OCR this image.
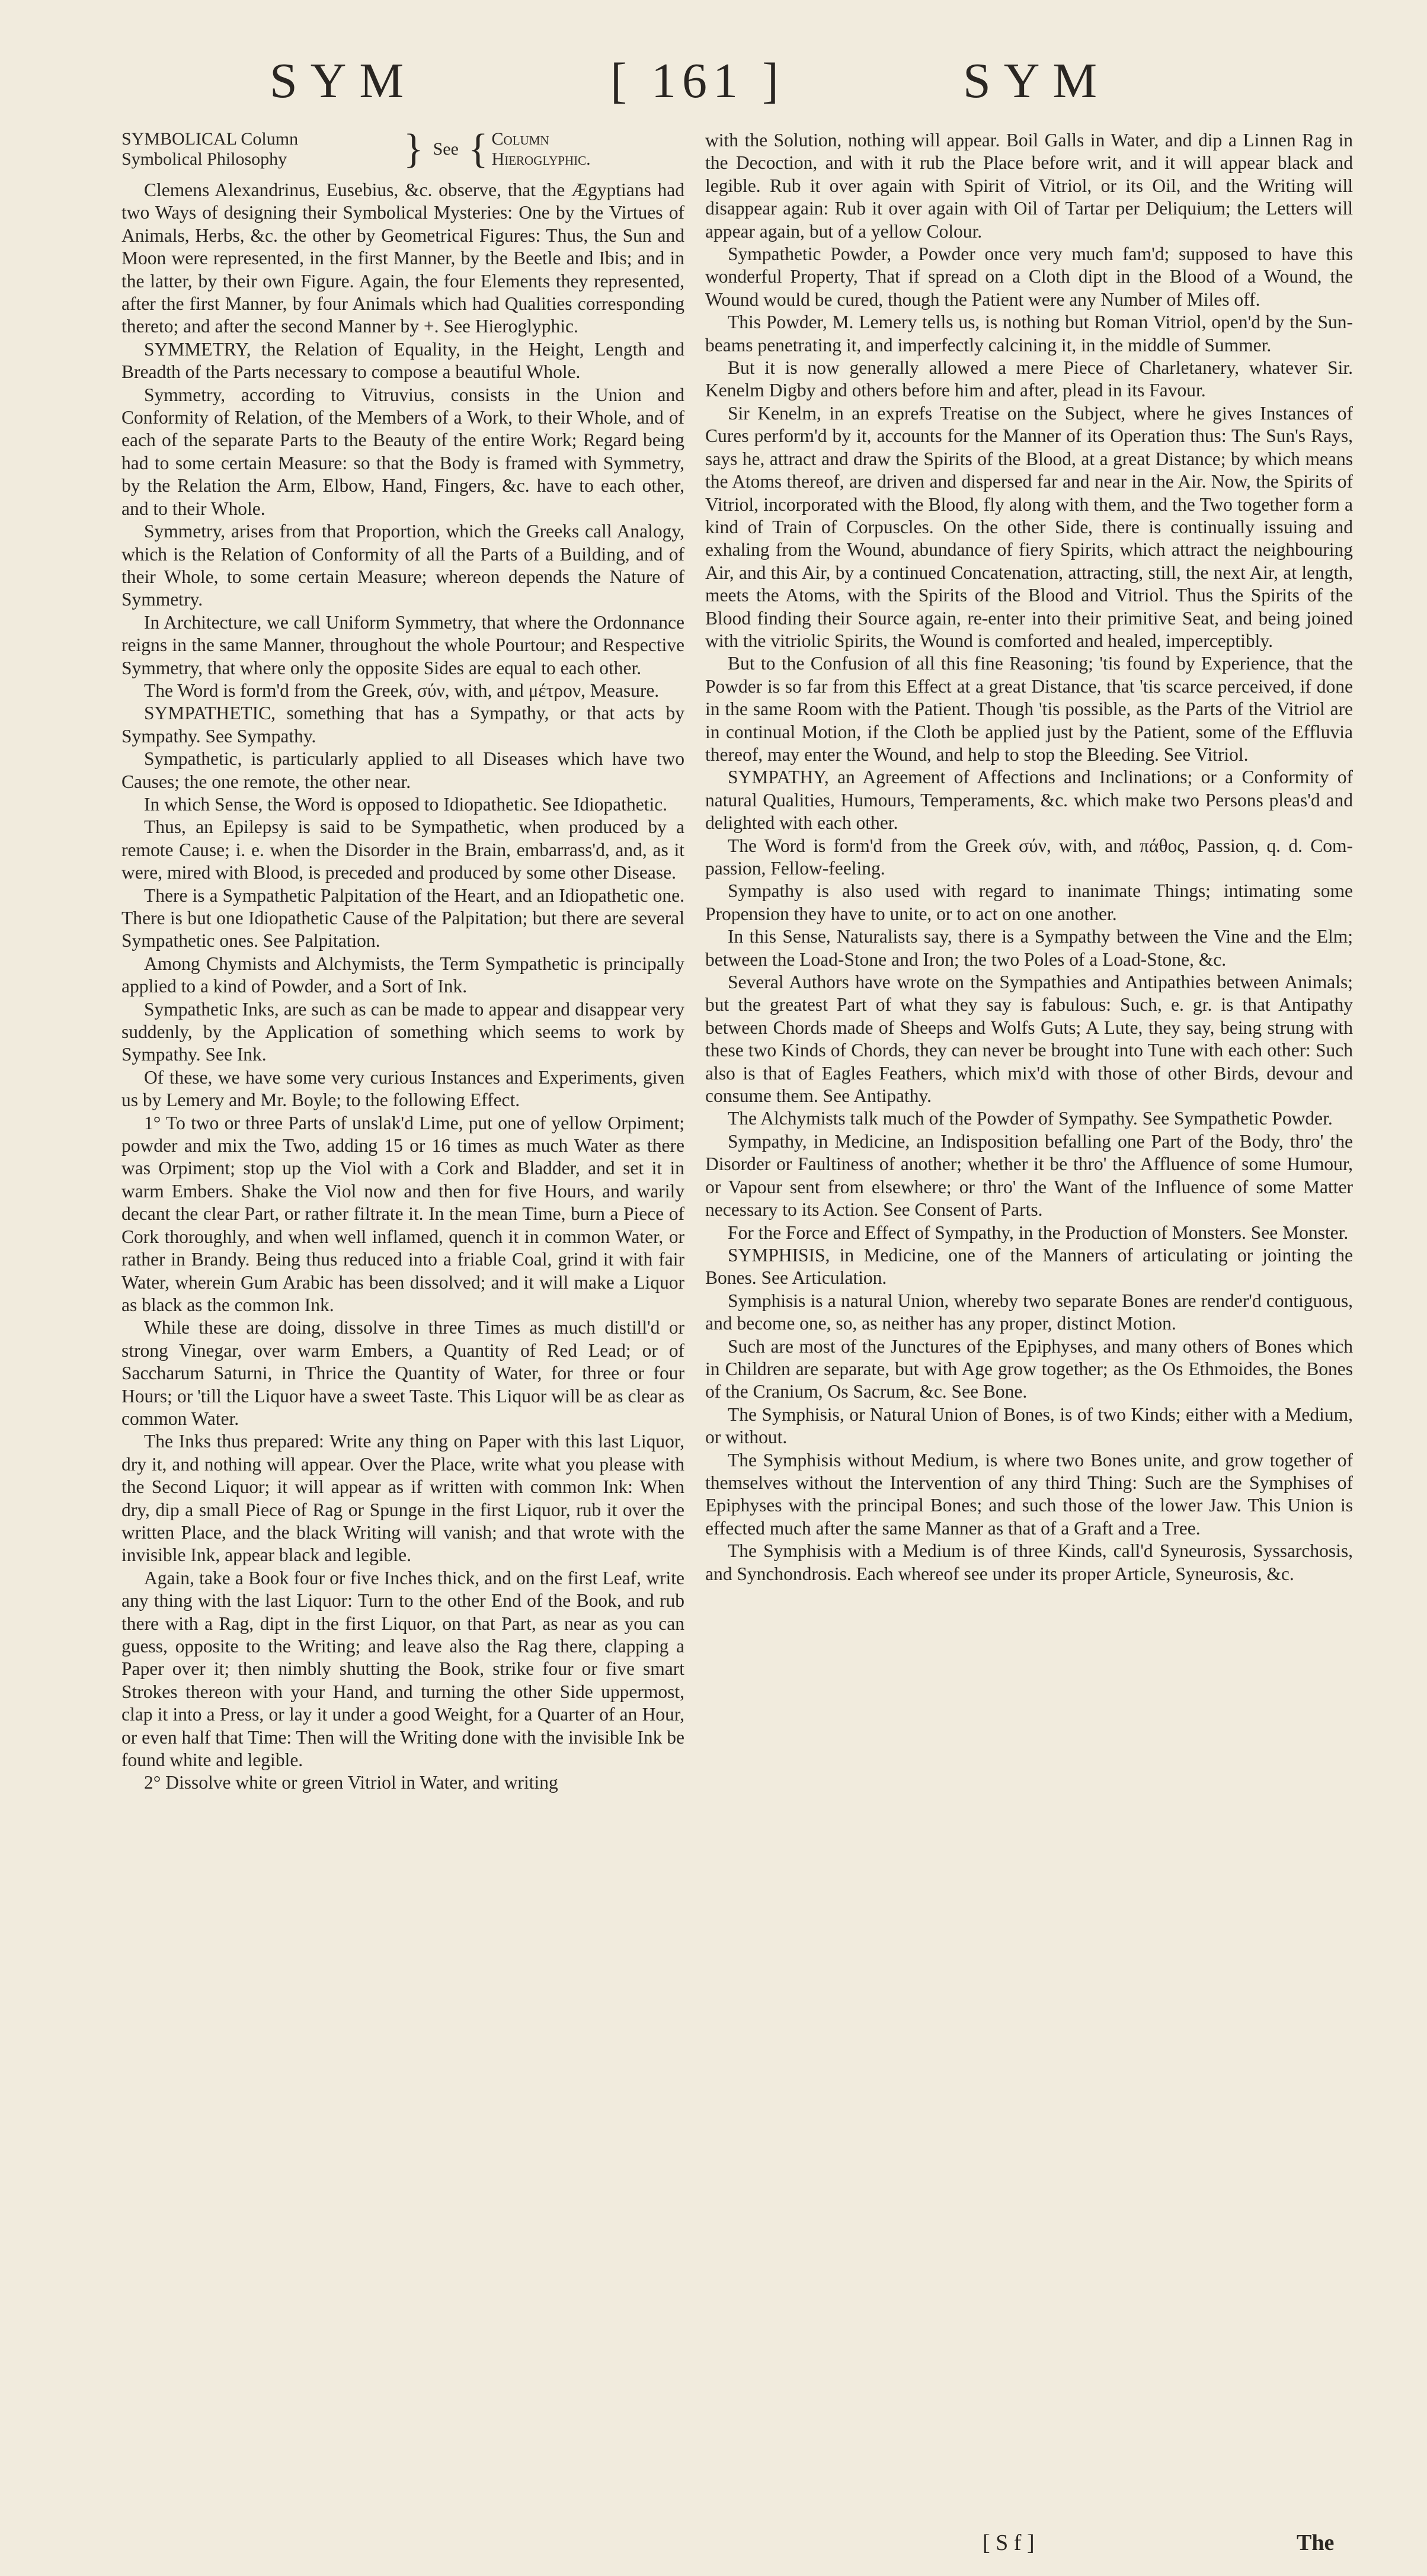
SYM	[ 161 ]	SYM
SYMBOLICAL Column
Symbolical Philosophy	} See { Column
Hieroglyphic.

Clemens Alexandrinus, Eusebius, &c. observe, that the Ægyptians had two Ways of designing their Symbolical Mysteries: One by the Virtues of Animals, Herbs, &c. the other by Geometrical Figures: Thus, the Sun and Moon were represented, in the first Manner, by the Beetle and Ibis; and in the latter, by their own Figure. Again, the four Elements they represented, after the first Manner, by four Animals which had Qualities corresponding thereto; and after the second Manner by +. See Hieroglyphic.

SYMMETRY, the Relation of Equality, in the Height, Length and Breadth of the Parts necessary to compose a beautiful Whole.

Symmetry, according to Vitruvius, consists in the Union and Conformity of Relation, of the Members of a Work, to their Whole, and of each of the separate Parts to the Beauty of the entire Work; Regard being had to some certain Measure: so that the Body is framed with Symmetry, by the Relation the Arm, Elbow, Hand, Fingers, &c. have to each other, and to their Whole.

Symmetry, arises from that Proportion, which the Greeks call Analogy, which is the Relation of Conformity of all the Parts of a Building, and of their Whole, to some certain Measure; whereon depends the Nature of Symmetry.

In Architecture, we call Uniform Symmetry, that where the Ordonnance reigns in the same Manner, throughout the whole Pourtour; and Respective Symmetry, that where only the opposite Sides are equal to each other.

The Word is form'd from the Greek, σύν, with, and μέτρον, Measure.

SYMPATHETIC, something that has a Sympathy, or that acts by Sympathy. See Sympathy.

Sympathetic, is particularly applied to all Diseases which have two Causes; the one remote, the other near.

In which Sense, the Word is opposed to Idiopathetic. See Idiopathetic.

Thus, an Epilepsy is said to be Sympathetic, when produced by a remote Cause; i. e. when the Disorder in the Brain, embarrass'd, and, as it were, mired with Blood, is preceded and produced by some other Disease.

There is a Sympathetic Palpitation of the Heart, and an Idiopathetic one. There is but one Idiopathetic Cause of the Palpitation; but there are several Sympathetic ones. See Palpitation.

Among Chymists and Alchymists, the Term Sympathetic is principally applied to a kind of Powder, and a Sort of Ink.

Sympathetic Inks, are such as can be made to appear and disappear very suddenly, by the Application of something which seems to work by Sympathy. See Ink.

Of these, we have some very curious Instances and Experiments, given us by Lemery and Mr. Boyle; to the following Effect.

1° To two or three Parts of unslak'd Lime, put one of yellow Orpiment; powder and mix the Two, adding 15 or 16 times as much Water as there was Orpiment; stop up the Viol with a Cork and Bladder, and set it in warm Embers. Shake the Viol now and then for five Hours, and warily decant the clear Part, or rather filtrate it. In the mean Time, burn a Piece of Cork thoroughly, and when well inflamed, quench it in common Water, or rather in Brandy. Being thus reduced into a friable Coal, grind it with fair Water, wherein Gum Arabic has been dissolved; and it will make a Liquor as black as the common Ink.

While these are doing, dissolve in three Times as much distill'd or strong Vinegar, over warm Embers, a Quantity of Red Lead; or of Saccharum Saturni, in Thrice the Quantity of Water, for three or four Hours; or 'till the Liquor have a sweet Taste. This Liquor will be as clear as common Water.

The Inks thus prepared: Write any thing on Paper with this last Liquor, dry it, and nothing will appear. Over the Place, write what you please with the Second Liquor; it will appear as if written with common Ink: When dry, dip a small Piece of Rag or Spunge in the first Liquor, rub it over the written Place, and the black Writing will vanish; and that wrote with the invisible Ink, appear black and legible.

Again, take a Book four or five Inches thick, and on the first Leaf, write any thing with the last Liquor: Turn to the other End of the Book, and rub there with a Rag, dipt in the first Liquor, on that Part, as near as you can guess, opposite to the Writing; and leave also the Rag there, clapping a Paper over it; then nimbly shutting the Book, strike four or five smart Strokes thereon with your Hand, and turning the other Side uppermost, clap it into a Press, or lay it under a good Weight, for a Quarter of an Hour, or even half that Time: Then will the Writing done with the invisible Ink be found white and legible.

2° Dissolve white or green Vitriol in Water, and writing

with the Solution, nothing will appear. Boil Galls in Water, and dip a Linnen Rag in the Decoction, and with it rub the Place before writ, and it will appear black and legible. Rub it over again with Spirit of Vitriol, or its Oil, and the Writing will disappear again: Rub it over again with Oil of Tartar per Deliquium; the Letters will appear again, but of a yellow Colour.

Sympathetic Powder, a Powder once very much fam'd; supposed to have this wonderful Property, That if spread on a Cloth dipt in the Blood of a Wound, the Wound would be cured, though the Patient were any Number of Miles off.

This Powder, M. Lemery tells us, is nothing but Roman Vitriol, open'd by the Sun-beams penetrating it, and imperfectly calcining it, in the middle of Summer.

But it is now generally allowed a mere Piece of Charletanery, whatever Sir. Kenelm Digby and others before him and after, plead in its Favour.

Sir Kenelm, in an exprefs Treatise on the Subject, where he gives Instances of Cures perform'd by it, accounts for the Manner of its Operation thus: The Sun's Rays, says he, attract and draw the Spirits of the Blood, at a great Distance; by which means the Atoms thereof, are driven and dispersed far and near in the Air. Now, the Spirits of Vitriol, incorporated with the Blood, fly along with them, and the Two together form a kind of Train of Corpuscles. On the other Side, there is continually issuing and exhaling from the Wound, abundance of fiery Spirits, which attract the neighbouring Air, and this Air, by a continued Concatenation, attracting, still, the next Air, at length, meets the Atoms, with the Spirits of the Blood and Vitriol. Thus the Spirits of the Blood finding their Source again, re-enter into their primitive Seat, and being joined with the vitriolic Spirits, the Wound is comforted and healed, imperceptibly.

But to the Confusion of all this fine Reasoning; 'tis found by Experience, that the Powder is so far from this Effect at a great Distance, that 'tis scarce perceived, if done in the same Room with the Patient. Though 'tis possible, as the Parts of the Vitriol are in continual Motion, if the Cloth be applied just by the Patient, some of the Effluvia thereof, may enter the Wound, and help to stop the Bleeding. See Vitriol.

SYMPATHY, an Agreement of Affections and Inclinations; or a Conformity of natural Qualities, Humours, Temperaments, &c. which make two Persons pleas'd and delighted with each other.

The Word is form'd from the Greek σύν, with, and πάθος, Passion, q. d. Com-passion, Fellow-feeling.

Sympathy is also used with regard to inanimate Things; intimating some Propension they have to unite, or to act on one another.

In this Sense, Naturalists say, there is a Sympathy between the Vine and the Elm; between the Load-Stone and Iron; the two Poles of a Load-Stone, &c.

Several Authors have wrote on the Sympathies and Antipathies between Animals; but the greatest Part of what they say is fabulous: Such, e. gr. is that Antipathy between Chords made of Sheeps and Wolfs Guts; A Lute, they say, being strung with these two Kinds of Chords, they can never be brought into Tune with each other: Such also is that of Eagles Feathers, which mix'd with those of other Birds, devour and consume them. See Antipathy.

The Alchymists talk much of the Powder of Sympathy. See Sympathetic Powder.

Sympathy, in Medicine, an Indisposition befalling one Part of the Body, thro' the Disorder or Faultiness of another; whether it be thro' the Affluence of some Humour, or Vapour sent from elsewhere; or thro' the Want of the Influence of some Matter necessary to its Action. See Consent of Parts.

For the Force and Effect of Sympathy, in the Production of Monsters. See Monster.

SYMPHISIS, in Medicine, one of the Manners of articulating or jointing the Bones. See Articulation.

Symphisis is a natural Union, whereby two separate Bones are render'd contiguous, and become one, so, as neither has any proper, distinct Motion.

Such are most of the Junctures of the Epiphyses, and many others of Bones which in Children are separate, but with Age grow together; as the Os Ethmoides, the Bones of the Cranium, Os Sacrum, &c. See Bone.

The Symphisis, or Natural Union of Bones, is of two Kinds; either with a Medium, or without.

The Symphisis without Medium, is where two Bones unite, and grow together of themselves without the Intervention of any third Thing: Such are the Symphises of Epiphyses with the principal Bones; and such those of the lower Jaw. This Union is effected much after the same Manner as that of a Graft and a Tree.

The Symphisis with a Medium is of three Kinds, call'd Syneurosis, Syssarchosis, and Synchondrosis. Each whereof see under its proper Article, Syneurosis, &c.

[ S f ]	The
